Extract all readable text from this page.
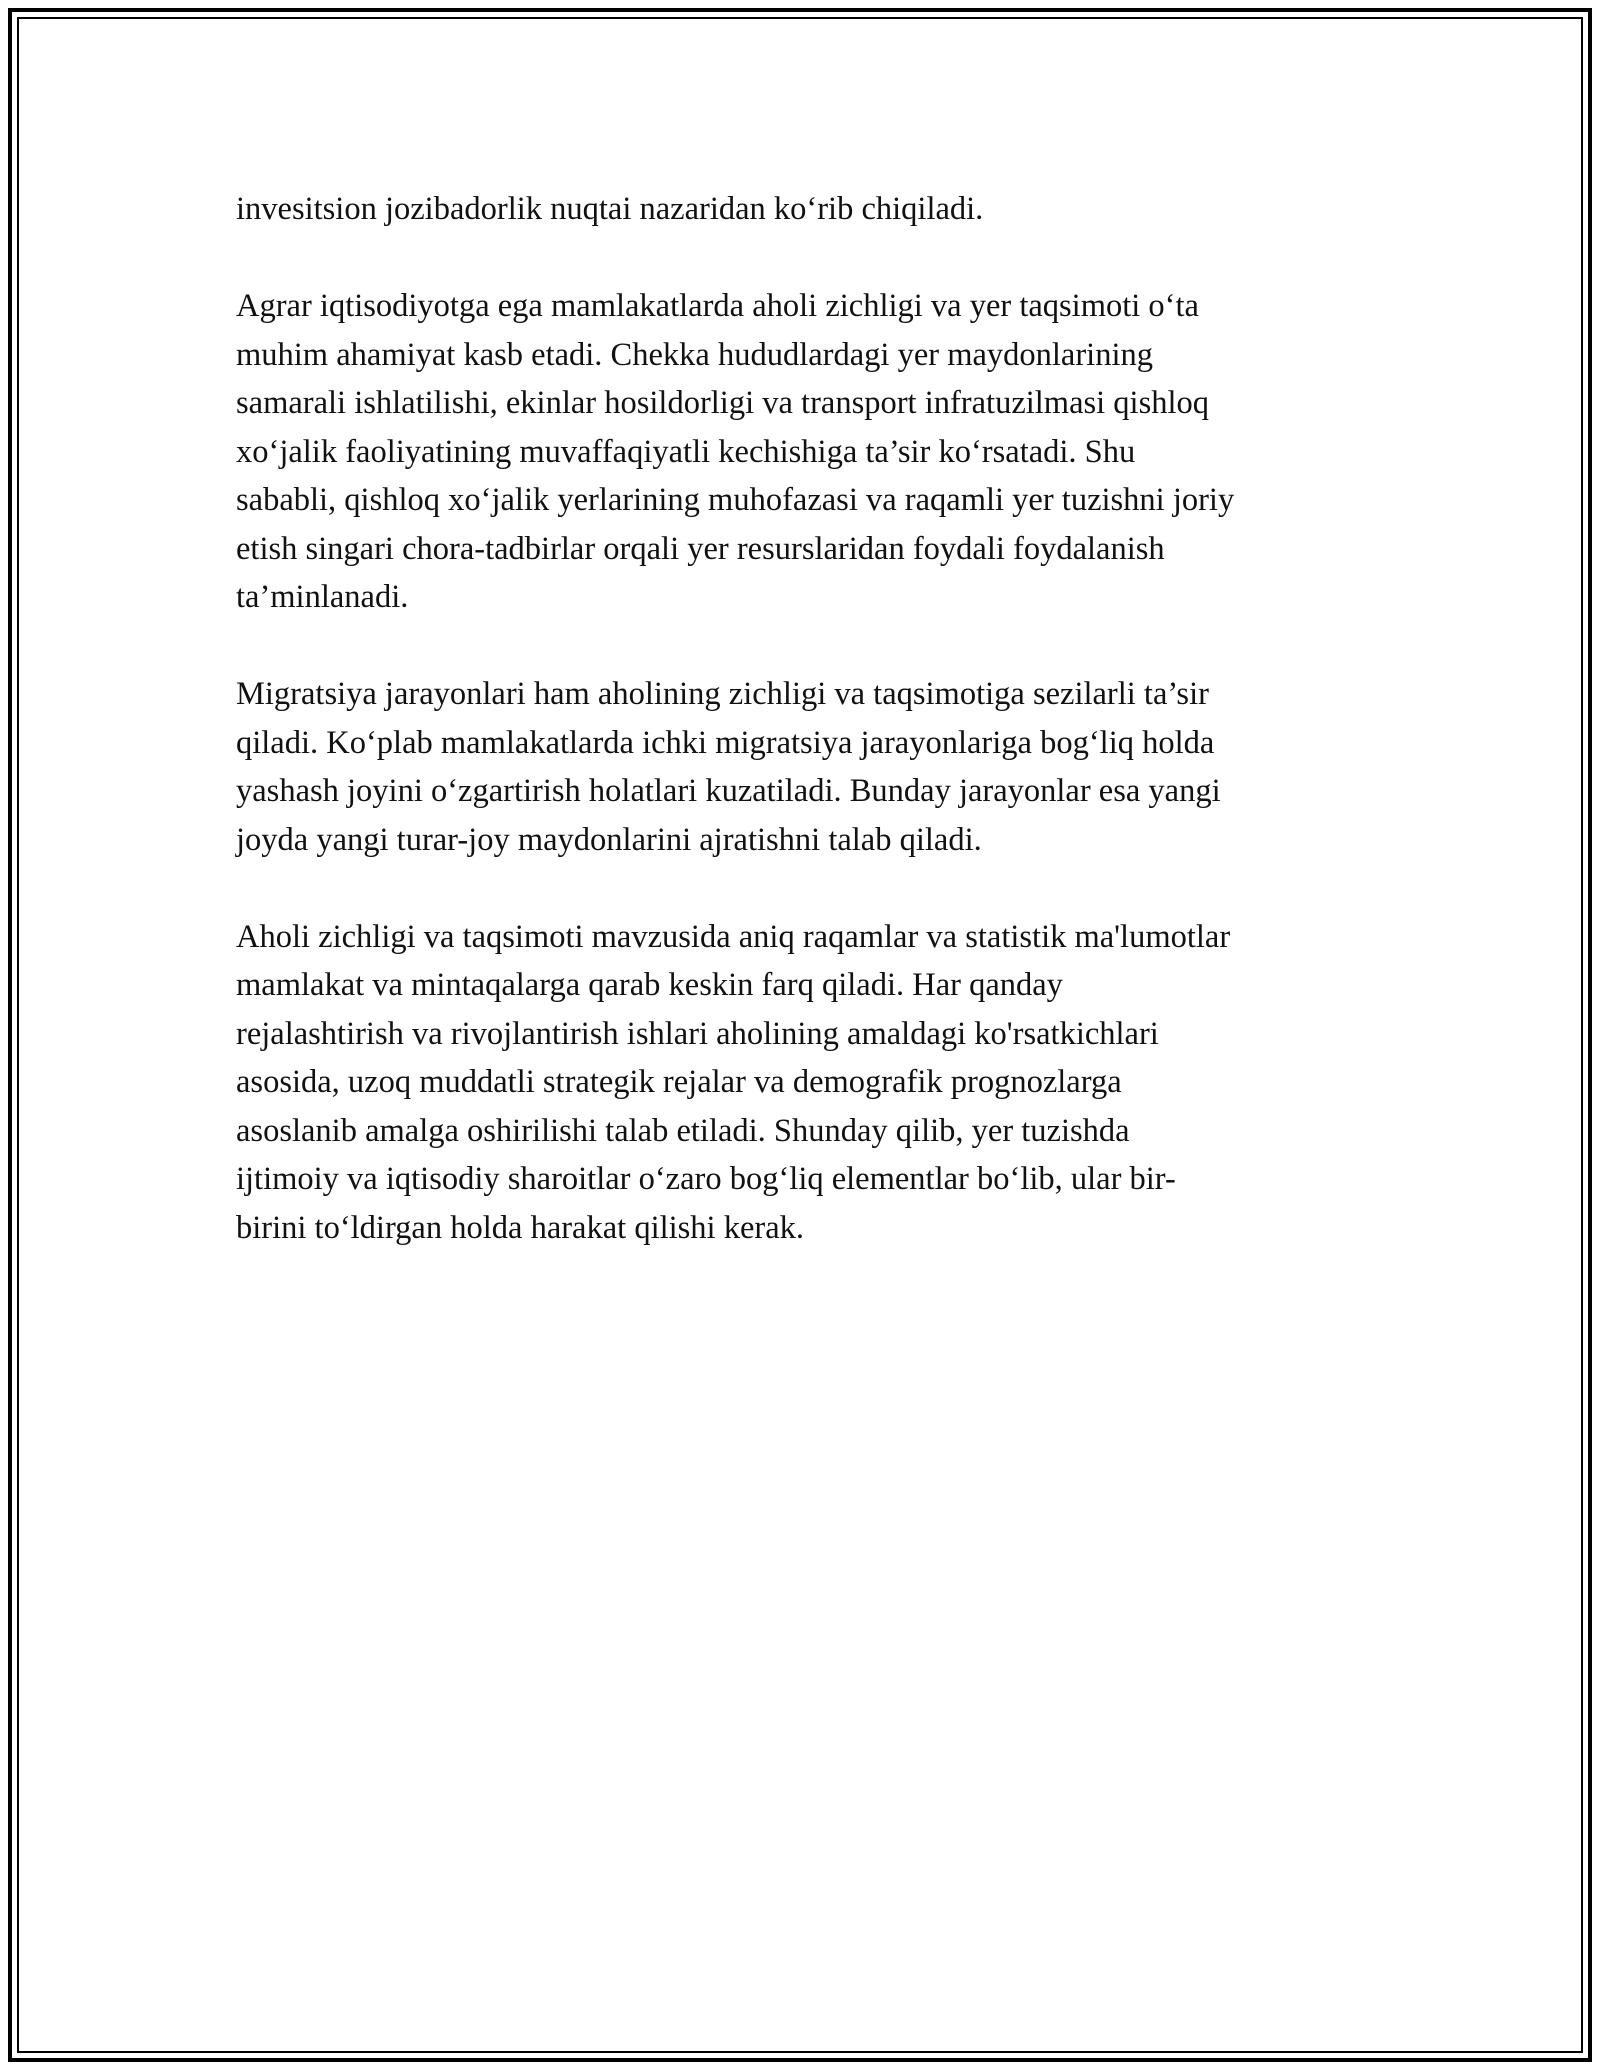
invesitsion jozibadorlik nuqtai nazaridan ko‘rib chiqiladi.

Agrar iqtisodiyotga ega mamlakatlarda aholi zichligi va yer taqsimoti o‘ta
muhim ahamiyat kasb etadi. Chekka hududlardagi yer maydonlarining
samarali ishlatilishi, ekinlar hosildorligi va transport infratuzilmasi qishloq
xo‘jalik faoliyatining muvaffaqiyatli kechishiga ta’sir ko‘rsatadi. Shu
sababli, qishloq xo‘jalik yerlarining muhofazasi va raqamli yer tuzishni joriy
etish singari chora-tadbirlar orqali yer resurslaridan foydali foydalanish
ta’minlanadi.

Migratsiya jarayonlari ham aholining zichligi va taqsimotiga sezilarli ta’sir
qiladi. Ko‘plab mamlakatlarda ichki migratsiya jarayonlariga bog‘liq holda
yashash joyini o‘zgartirish holatlari kuzatiladi. Bunday jarayonlar esa yangi
joyda yangi turar-joy maydonlarini ajratishni talab qiladi.

Aholi zichligi va taqsimoti mavzusida aniq raqamlar va statistik ma'lumotlar
mamlakat va mintaqalarga qarab keskin farq qiladi. Har qanday
rejalashtirish va rivojlantirish ishlari aholining amaldagi ko'rsatkichlari
asosida, uzoq muddatli strategik rejalar va demografik prognozlarga
asoslanib amalga oshirilishi talab etiladi. Shunday qilib, yer tuzishda
ijtimoiy va iqtisodiy sharoitlar o‘zaro bog‘liq elementlar bo‘lib, ular bir-
birini to‘ldirgan holda harakat qilishi kerak.
